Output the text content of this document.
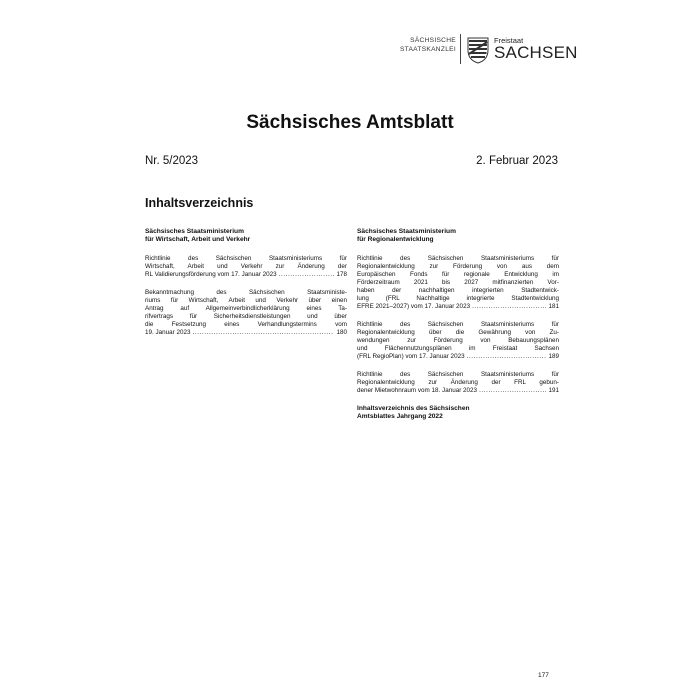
SÄCHSISCHE
STAATSKANZLEI
Freistaat
SACHSEN
Sächsisches Amtsblatt
Nr. 5/2023	2. Februar 2023
Inhaltsverzeichnis
Sächsisches Staatsministerium
für Wirtschaft, Arbeit und Verkehr
Richtlinie des Sächsischen Staatsministeriums für
Wirtschaft, Arbeit und Verkehr zur Änderung der
RL Validierungsförderung vom 17. Januar 2023 .....	178
Bekanntmachung des Sächsischen Staatsministe-
riums für Wirtschaft, Arbeit und Verkehr über einen
Antrag auf Allgemeinverbindlicherklärung eines Ta-
rifvertrags für Sicherheitsdienstleistungen und über
die Festsetzung eines Verhandlungstermins vom
19. Januar 2023 .....	180
Sächsisches Staatsministerium
für Regionalentwicklung
Richtlinie des Sächsischen Staatsministeriums für
Regionalentwicklung zur Förderung von aus dem
Europäischen Fonds für regionale Entwicklung im
Förderzeitraum 2021 bis 2027 mitfinanzierten Vor-
haben der nachhaltigen integrierten Stadtentwick-
lung (FRL Nachhaltige integrierte Stadtentwicklung
EFRE 2021–2027) vom 17. Januar 2023 .....	181
Richtlinie des Sächsischen Staatsministeriums für
Regionalentwicklung über die Gewährung von Zu-
wendungen zur Förderung von Bebauungsplänen
und Flächennutzungsplänen im Freistaat Sachsen
(FRL RegioPlan) vom 17. Januar 2023 .....	189
Richtlinie des Sächsischen Staatsministeriums für
Regionalentwicklung zur Änderung der FRL gebun-
dener Mietwohnraum vom 18. Januar 2023 .....	191
Inhaltsverzeichnis des Sächsischen
Amtsblattes Jahrgang 2022
177
